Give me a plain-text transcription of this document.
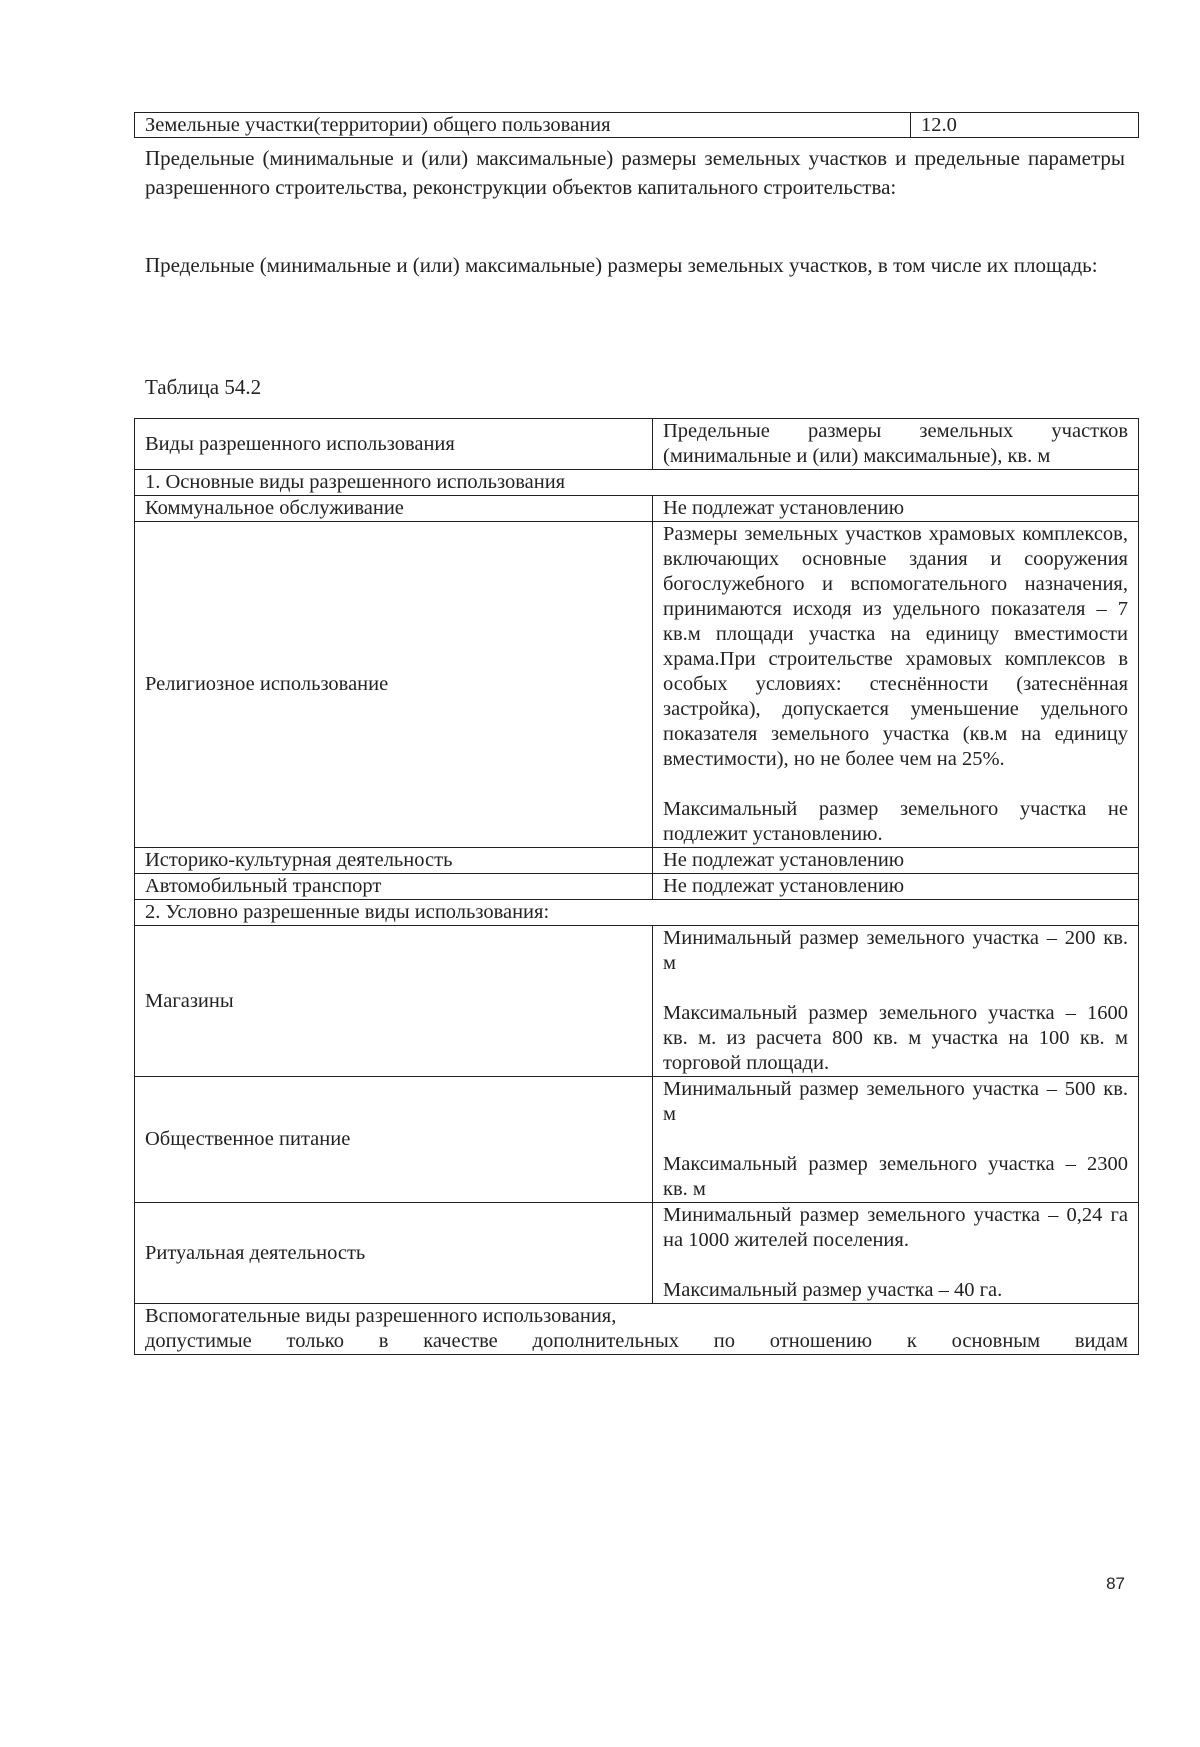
Земельные участки(территории) общего пользования	12.0

Предельные (минимальные и (или) максимальные) размеры земельных участков и предельные параметры разрешенного строительства, реконструкции объектов капитального строительства:

Предельные (минимальные и (или) максимальные) размеры земельных участков, в том числе их площадь:

Таблица 54.2
Виды разрешенного использования	Предельные размеры земельных участков (минимальные и (или) максимальные), кв. м
1. Основные виды разрешенного использования	
Коммунальное обслуживание	Не подлежат установлению
Религиозное использование	Размеры земельных участков храмовых комплексов, включающих основные здания и сооружения богослужебного и вспомогательного назначения, принимаются исходя из удельного показателя – 7 кв.м площади участка на единицу вместимости храма.При строительстве храмовых комплексов в особых условиях: стеснённости (затеснённая застройка), допускается уменьшение удельного показателя земельного участка (кв.м на единицу вместимости), но не более чем на 25%.
Максимальный размер земельного участка не подлежит установлению.

Историко-культурная деятельность	Не подлежат установлению
Автомобильный транспорт	Не подлежат установлению
2. Условно разрешенные виды использования:	
Магазины	Минимальный размер земельного участка – 200 кв. м
Максимальный размер земельного участка – 1600 кв. м. из расчета 800 кв. м участка на 100 кв. м торговой площади.

Общественное питание	Минимальный размер земельного участка – 500 кв. м
Максимальный размер земельного участка – 2300 кв. м

Ритуальная деятельность	Минимальный размер земельного участка – 0,24 га на 1000 жителей поселения.
Максимальный размер участка – 40 га.

Вспомогательные виды разрешенного использования,
допустимые только в качестве дополнительных по отношению к основным видам	
87
